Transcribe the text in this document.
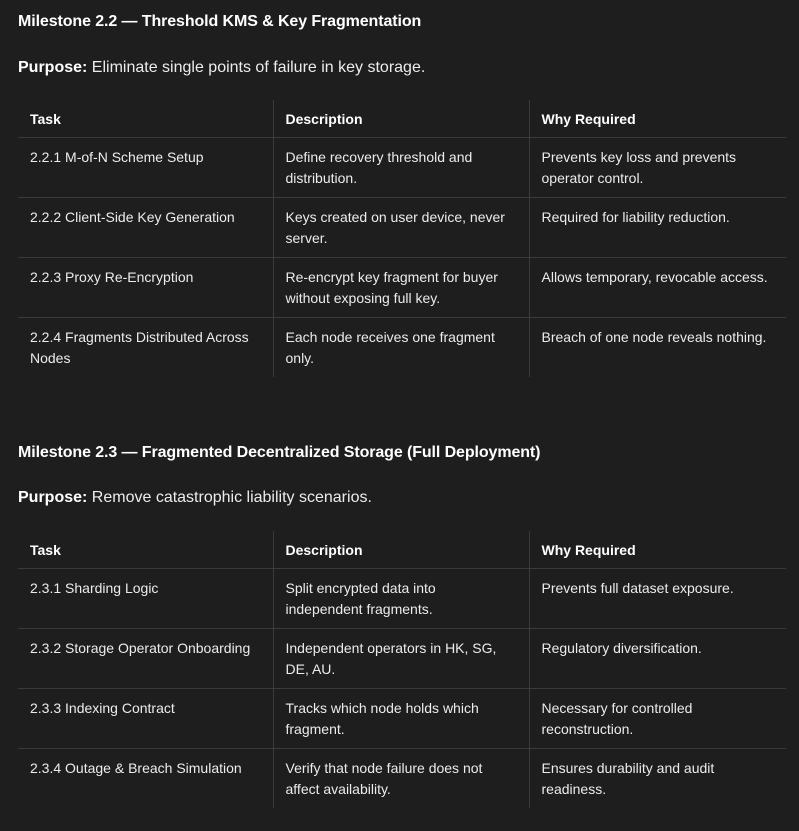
Milestone 2.2 — Threshold KMS & Key Fragmentation

Purpose: Eliminate single points of failure in key storage.

Task	Description	Why Required
2.2.1 M-of-N Scheme Setup	Define recovery threshold and distribution.	Prevents key loss and prevents operator control.
2.2.2 Client-Side Key Generation	Keys created on user device, never server.	Required for liability reduction.
2.2.3 Proxy Re-Encryption	Re-encrypt key fragment for buyer without exposing full key.	Allows temporary, revocable access.
2.2.4 Fragments Distributed Across Nodes	Each node receives one fragment only.	Breach of one node reveals nothing.
Milestone 2.3 — Fragmented Decentralized Storage (Full Deployment)

Purpose: Remove catastrophic liability scenarios.

Task	Description	Why Required
2.3.1 Sharding Logic	Split encrypted data into independent fragments.	Prevents full dataset exposure.
2.3.2 Storage Operator Onboarding	Independent operators in HK, SG, DE, AU.	Regulatory diversification.
2.3.3 Indexing Contract	Tracks which node holds which fragment.	Necessary for controlled reconstruction.
2.3.4 Outage & Breach Simulation	Verify that node failure does not affect availability.	Ensures durability and audit readiness.
